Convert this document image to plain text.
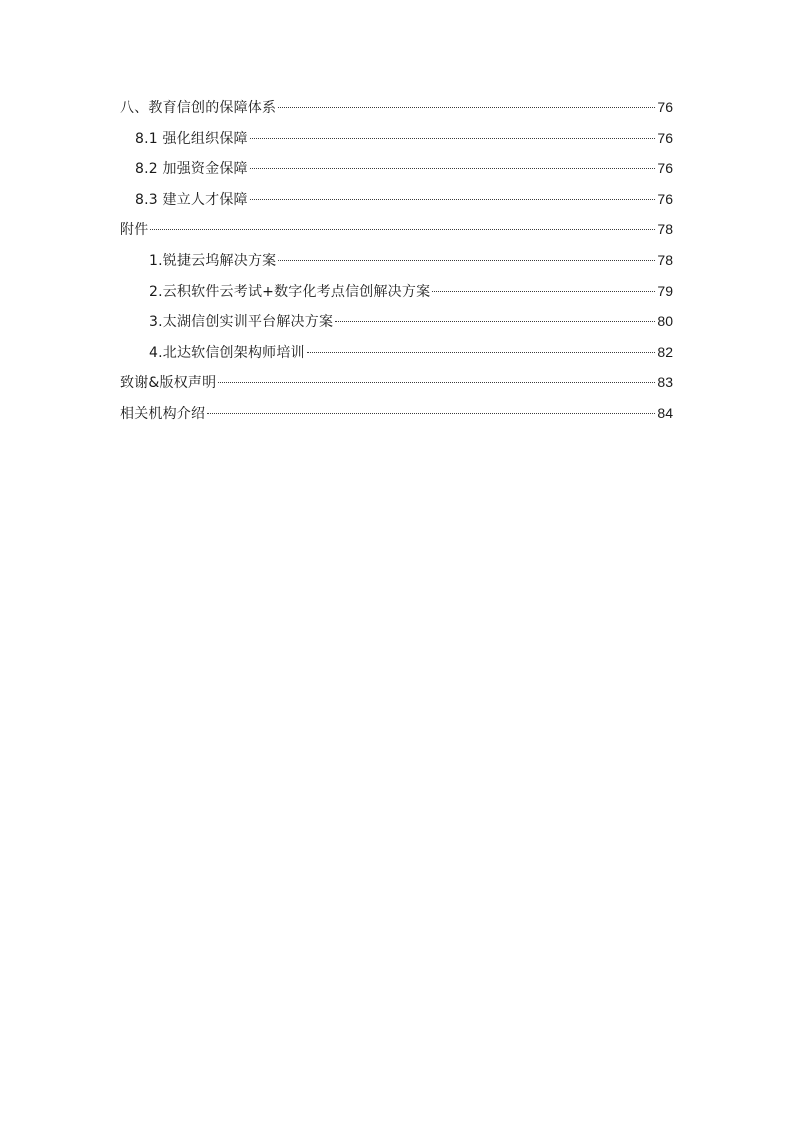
八、教育信创的保障体系	76
8.1 强化组织保障	76
8.2 加强资金保障	76
8.3 建立人才保障	76
附件	78
1.锐捷云坞解决方案	78
2.云积软件云考试+数字化考点信创解决方案	79
3.太湖信创实训平台解决方案	80
4.北达软信创架构师培训	82
致谢&版权声明	83
相关机构介绍	84
